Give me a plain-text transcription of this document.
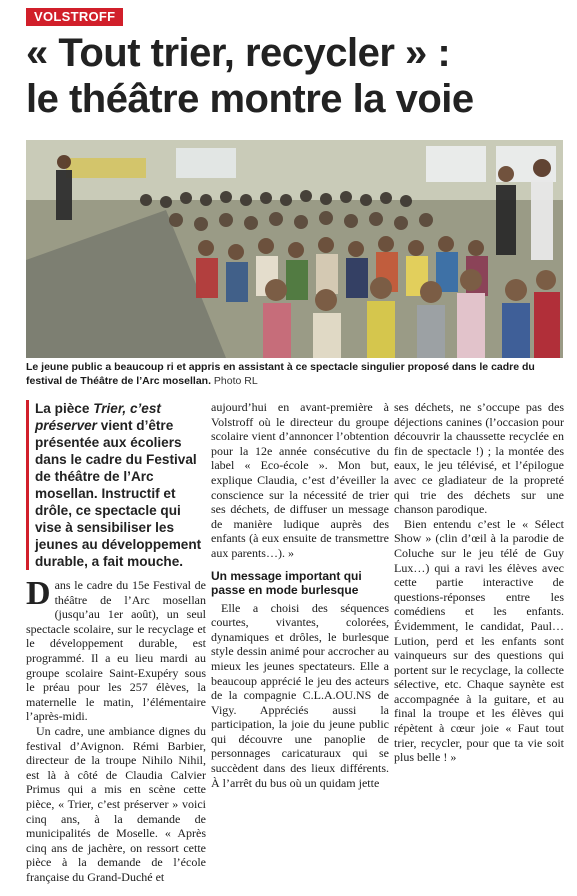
VOLSTROFF
« Tout trier, recycler » :
le théâtre montre la voie
Le jeune public a beaucoup ri et appris en assistant à ce spectacle singulier proposé dans le cadre du festival de Théâtre de l’Arc mosellan. Photo RL
La pièce Trier, c’est préserver vient d’être présentée aux écoliers dans le cadre du Festival de théâtre de l’Arc mosellan. Instructif et drôle, ce spectacle qui vise à sensibiliser les jeunes au développement durable, a fait mouche.

Dans le cadre du 15e Festival de théâtre de l’Arc mosellan (jusqu’au 1er août), un seul spectacle scolaire, sur le recyclage et le développement durable, est programmé. Il a eu lieu mardi au groupe scolaire Saint-Exupéry sous le préau pour les 257 élèves, la maternelle le matin, l’élémentaire l’après-midi.

Un cadre, une ambiance dignes du festival d’Avignon. Rémi Barbier, directeur de la troupe Nihilo Nihil, est là à côté de Claudia Calvier Primus qui a mis en scène cette pièce, « Trier, c’est préserver » voici cinq ans, à la demande de municipalités de Moselle. « Après cinq ans de jachère, on ressort cette pièce à la demande de l’école française du Grand-Duché et

aujourd’hui en avant-première à Volstroff où le directeur du groupe scolaire vient d’annoncer l’obtention pour la 12e année consécutive du label « Eco-école ». Mon but, explique Claudia, c’est d’éveiller la conscience sur la nécessité de trier ses déchets, de diffuser un message de manière ludique auprès des enfants (à eux ensuite de transmettre aux parents…). »

Un message important qui passe en mode burlesque

Elle a choisi des séquences courtes, vivantes, colorées, dynamiques et drôles, le burlesque style dessin animé pour accrocher au mieux les jeunes spectateurs. Elle a beaucoup apprécié le jeu des acteurs de la compagnie C.L.A.OU.NS de Vigy. Appréciés aussi la participation, la joie du jeune public qui découvre une panoplie de personnages caricaturaux qui se succèdent dans des lieux différents. À l’arrêt du bus où un quidam jette

ses déchets, ne s’occupe pas des déjections canines (l’occasion pour découvrir la chaussette recyclée en fin de spectacle !) ; la montée des eaux, le jeu télévisé, et l’épilogue avec ce gladiateur de la propreté qui trie des déchets sur une chanson parodique.

Bien entendu c’est le « Sélect Show » (clin d’œil à la parodie de Coluche sur le jeu télé de Guy Lux…) qui a ravi les élèves avec cette partie interactive de questions-réponses entre les comédiens et les enfants. Évidemment, le candidat, Paul… Lution, perd et les enfants sont vainqueurs sur des questions qui portent sur le recyclage, la collecte sélective, etc. Chaque saynète est accompagnée à la guitare, et au final la troupe et les élèves qui répètent à cœur joie « Faut tout trier, recycler, pour que ta vie soit plus belle ! »
